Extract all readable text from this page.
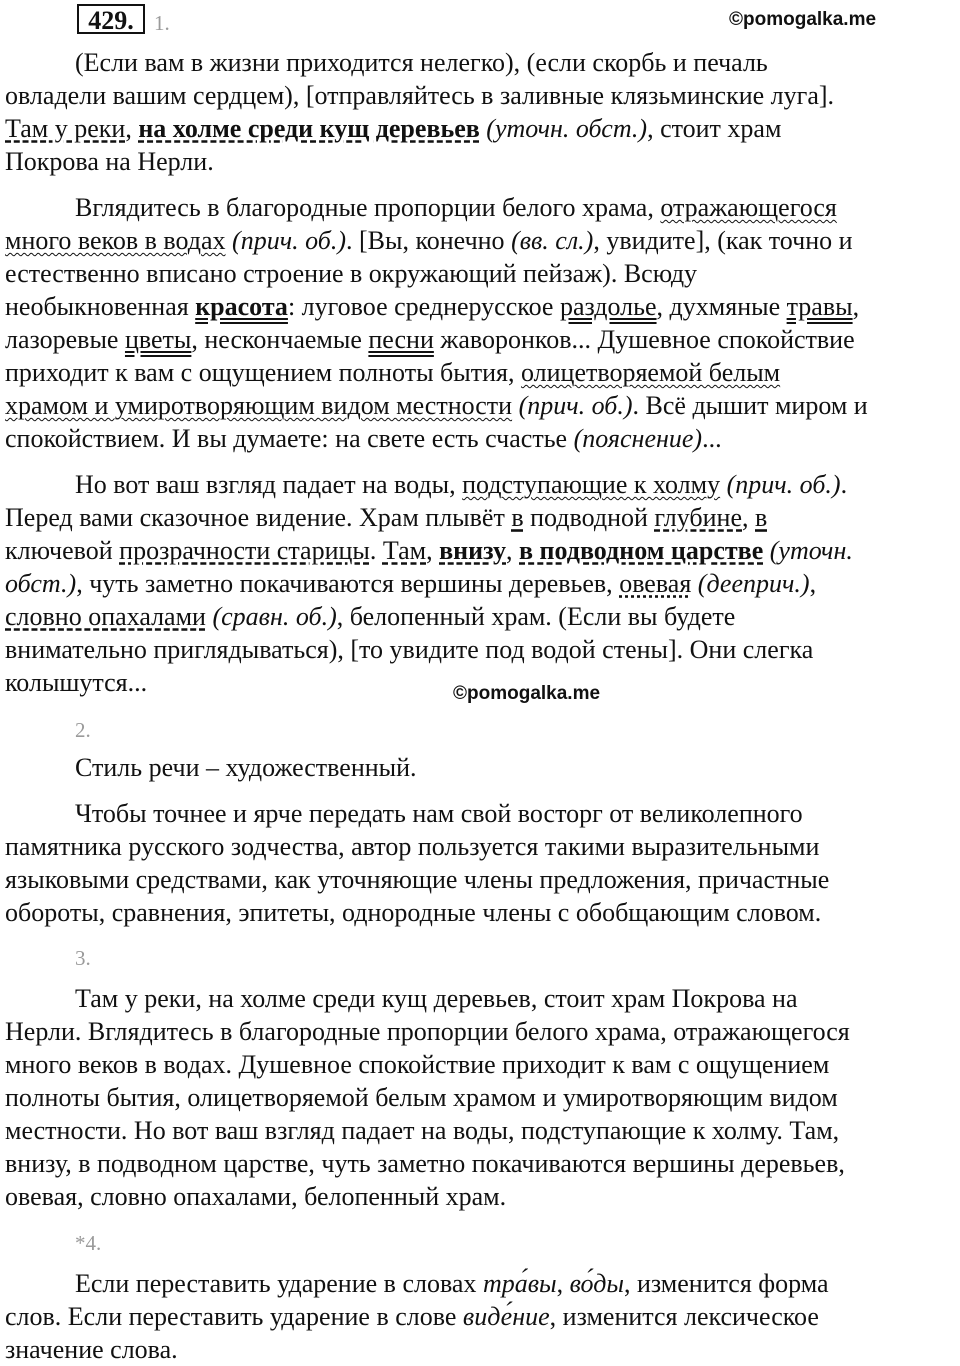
429. 1.	©pomogalka.me
(Если вам в жизни приходится нелегко), (если скорбь и печаль
овладели вашим сердцем), [отправляйтесь в заливные клязьминские луга].
Там у реки, на холме среди кущ деревьев (уточн. обст.), стоит храм
Покрова на Нерли.
Вглядитесь в благородные пропорции белого храма, отражающегося
много веков в водах (прич. об.). [Вы, конечно (вв. сл.), увидите], (как точно и
естественно вписано строение в окружающий пейзаж). Всюду
необыкновенная красота: луговое среднерусское раздолье, духмяные травы,
лазоревые цветы, нескончаемые песни жаворонков... Душевное спокойствие
приходит к вам с ощущением полноты бытия, олицетворяемой белым
храмом и умиротворяющим видом местности (прич. об.). Всё дышит миром и
спокойствием. И вы думаете: на свете есть счастье (пояснение)...
Но вот ваш взгляд падает на воды, подступающие к холму (прич. об.).
Перед вами сказочное видение. Храм плывёт в подводной глубине, в
ключевой прозрачности старицы. Там, внизу, в подводном царстве (уточн.
обст.), чуть заметно покачиваются вершины деревьев, овевая (дееприч.),
словно опахалами (сравн. об.), белопенный храм. (Если вы будете
внимательно приглядываться), [то увидите под водой стены]. Они слегка
колышутся...	©pomogalka.me
2.
Стиль речи – художественный.
Чтобы точнее и ярче передать нам свой восторг от великолепного
памятника русского зодчества, автор пользуется такими выразительными
языковыми средствами, как уточняющие члены предложения, причастные
обороты, сравнения, эпитеты, однородные члены с обобщающим словом.
3.
Там у реки, на холме среди кущ деревьев, стоит храм Покрова на
Нерли. Вглядитесь в благородные пропорции белого храма, отражающегося
много веков в водах. Душевное спокойствие приходит к вам с ощущением
полноты бытия, олицетворяемой белым храмом и умиротворяющим видом
местности. Но вот ваш взгляд падает на воды, подступающие к холму. Там,
внизу, в подводном царстве, чуть заметно покачиваются вершины деревьев,
овевая, словно опахалами, белопенный храм.
*4.
Если переставить ударение в словах тра́вы, во́ды, изменится форма
слов. Если переставить ударение в слове виде́ние, изменится лексическое
значение слова.
